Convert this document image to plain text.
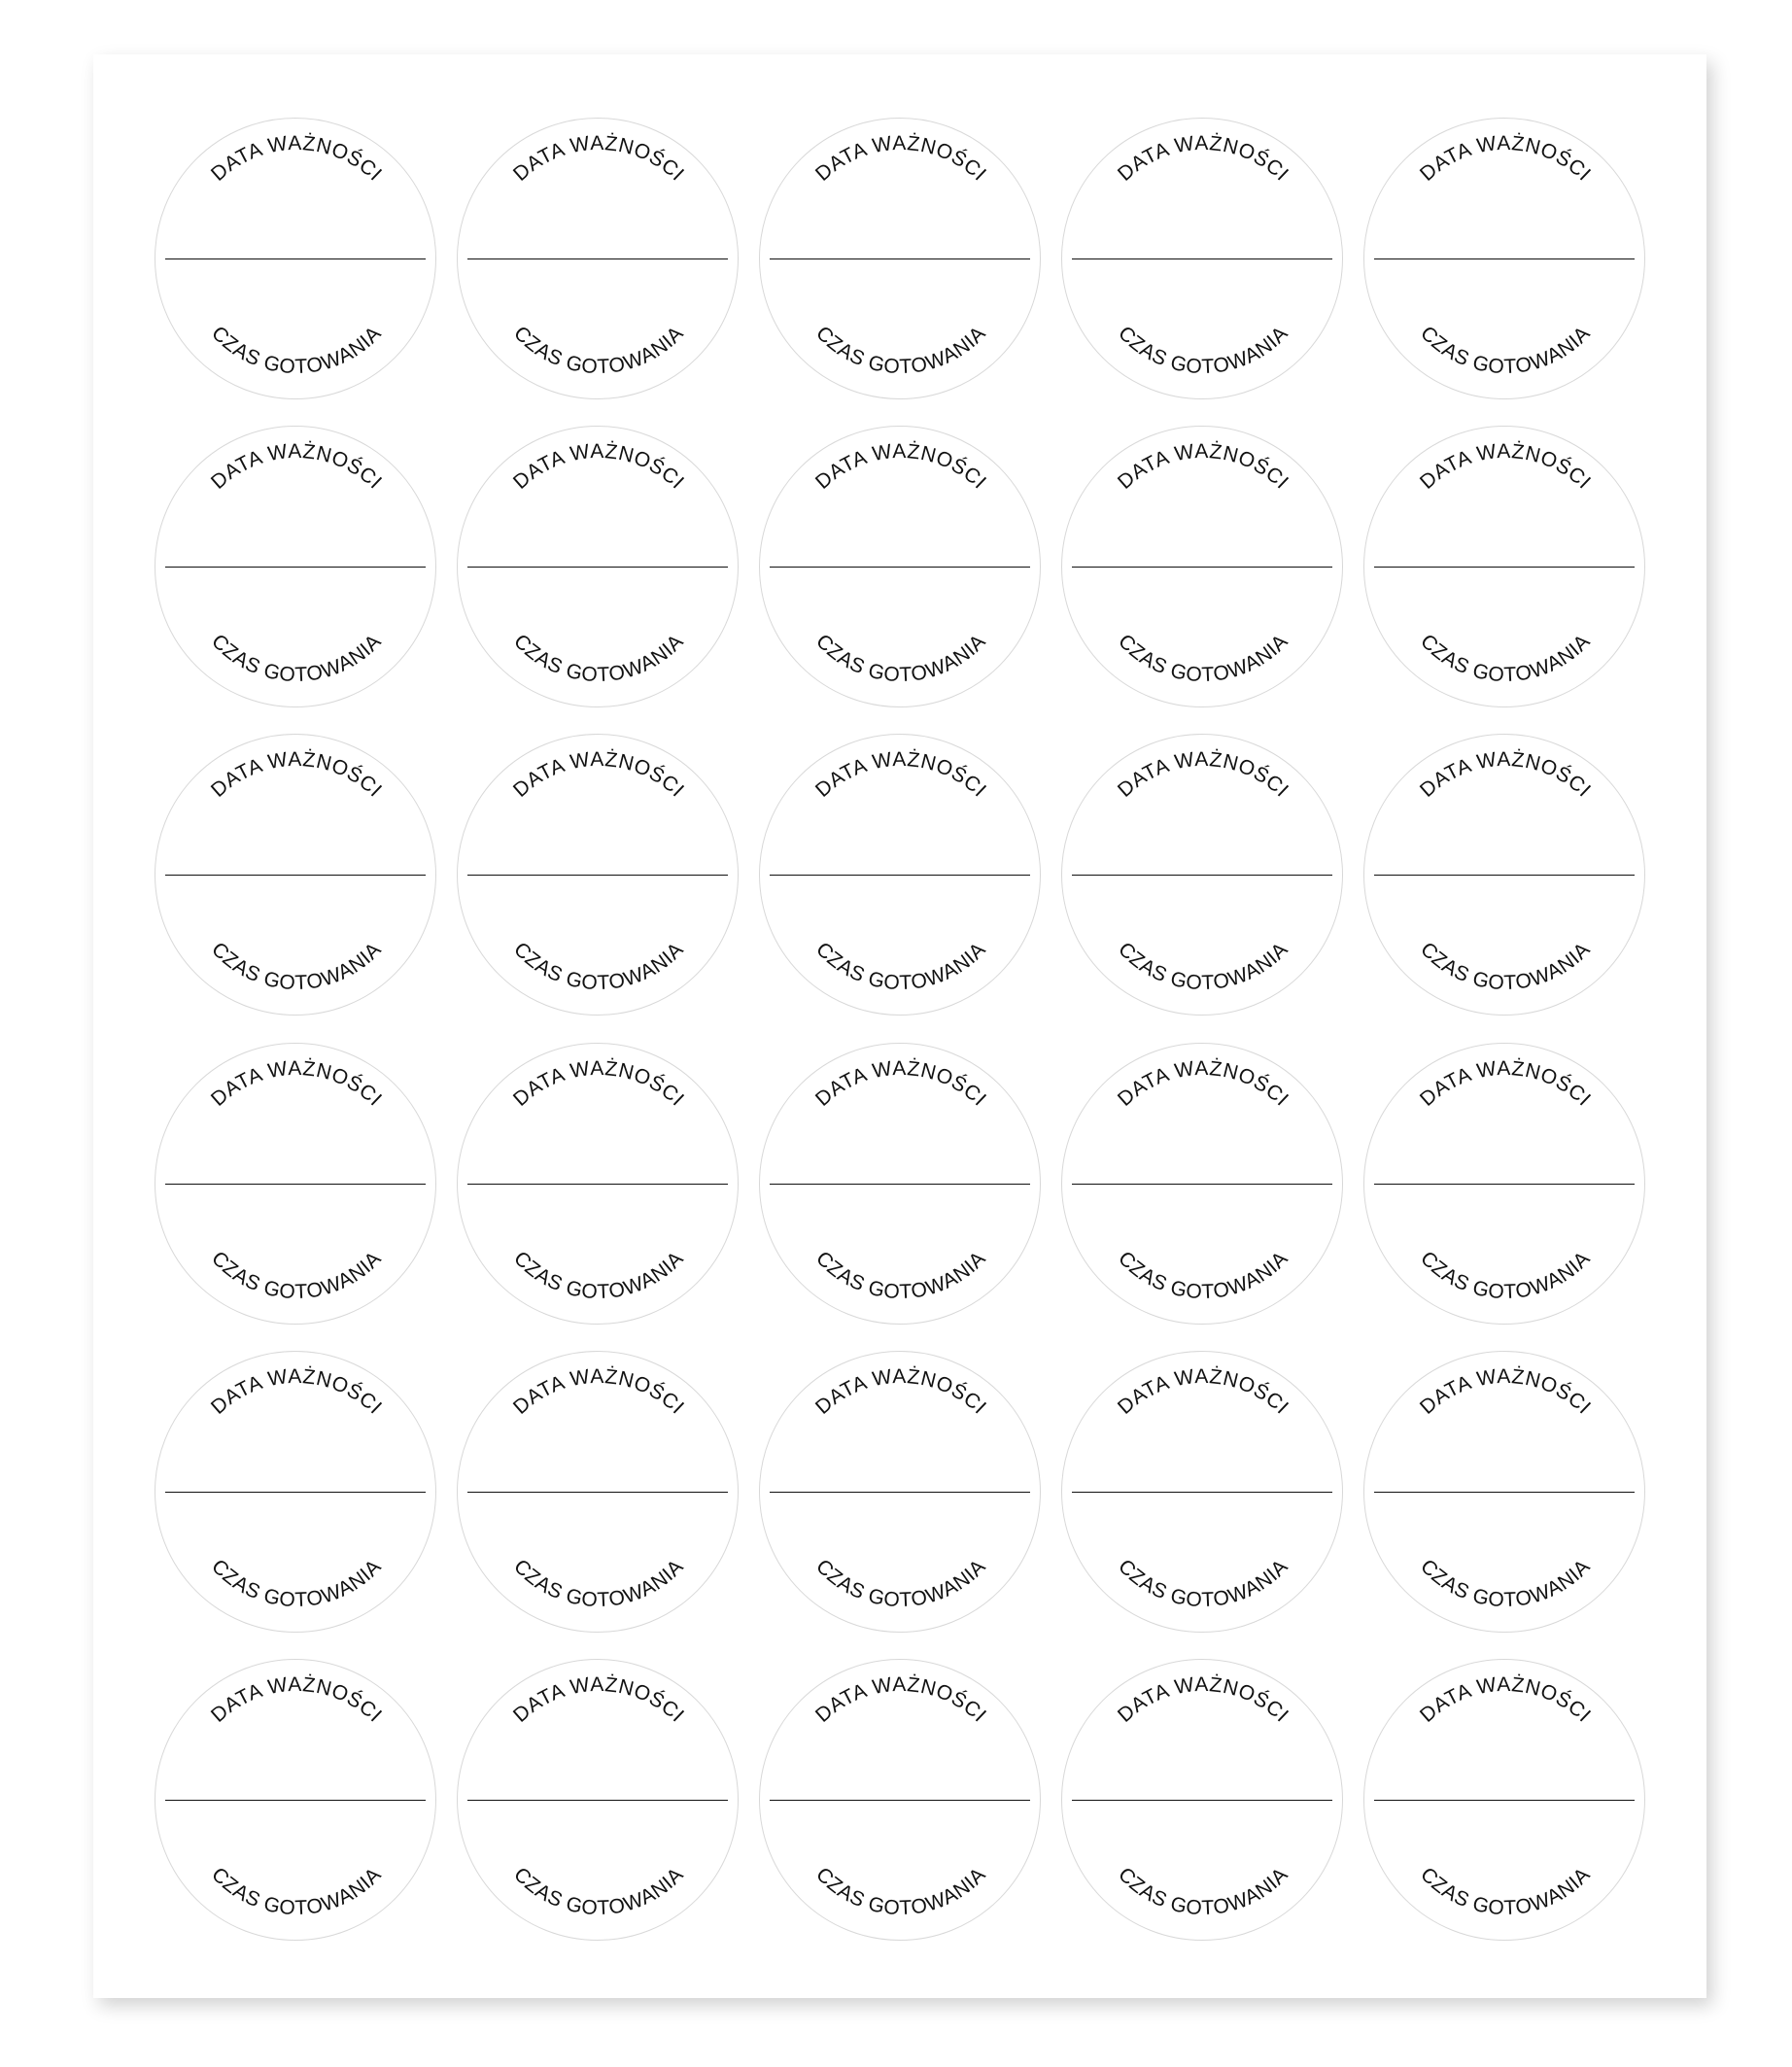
DATA WAŻNOŚCI
CZAS GOTOWANIA
DATA WAŻNOŚCI
CZAS GOTOWANIA
DATA WAŻNOŚCI
CZAS GOTOWANIA
DATA WAŻNOŚCI
CZAS GOTOWANIA
DATA WAŻNOŚCI
CZAS GOTOWANIA
DATA WAŻNOŚCI
CZAS GOTOWANIA
DATA WAŻNOŚCI
CZAS GOTOWANIA
DATA WAŻNOŚCI
CZAS GOTOWANIA
DATA WAŻNOŚCI
CZAS GOTOWANIA
DATA WAŻNOŚCI
CZAS GOTOWANIA
DATA WAŻNOŚCI
CZAS GOTOWANIA
DATA WAŻNOŚCI
CZAS GOTOWANIA
DATA WAŻNOŚCI
CZAS GOTOWANIA
DATA WAŻNOŚCI
CZAS GOTOWANIA
DATA WAŻNOŚCI
CZAS GOTOWANIA
DATA WAŻNOŚCI
CZAS GOTOWANIA
DATA WAŻNOŚCI
CZAS GOTOWANIA
DATA WAŻNOŚCI
CZAS GOTOWANIA
DATA WAŻNOŚCI
CZAS GOTOWANIA
DATA WAŻNOŚCI
CZAS GOTOWANIA
DATA WAŻNOŚCI
CZAS GOTOWANIA
DATA WAŻNOŚCI
CZAS GOTOWANIA
DATA WAŻNOŚCI
CZAS GOTOWANIA
DATA WAŻNOŚCI
CZAS GOTOWANIA
DATA WAŻNOŚCI
CZAS GOTOWANIA
DATA WAŻNOŚCI
CZAS GOTOWANIA
DATA WAŻNOŚCI
CZAS GOTOWANIA
DATA WAŻNOŚCI
CZAS GOTOWANIA
DATA WAŻNOŚCI
CZAS GOTOWANIA
DATA WAŻNOŚCI
CZAS GOTOWANIA
